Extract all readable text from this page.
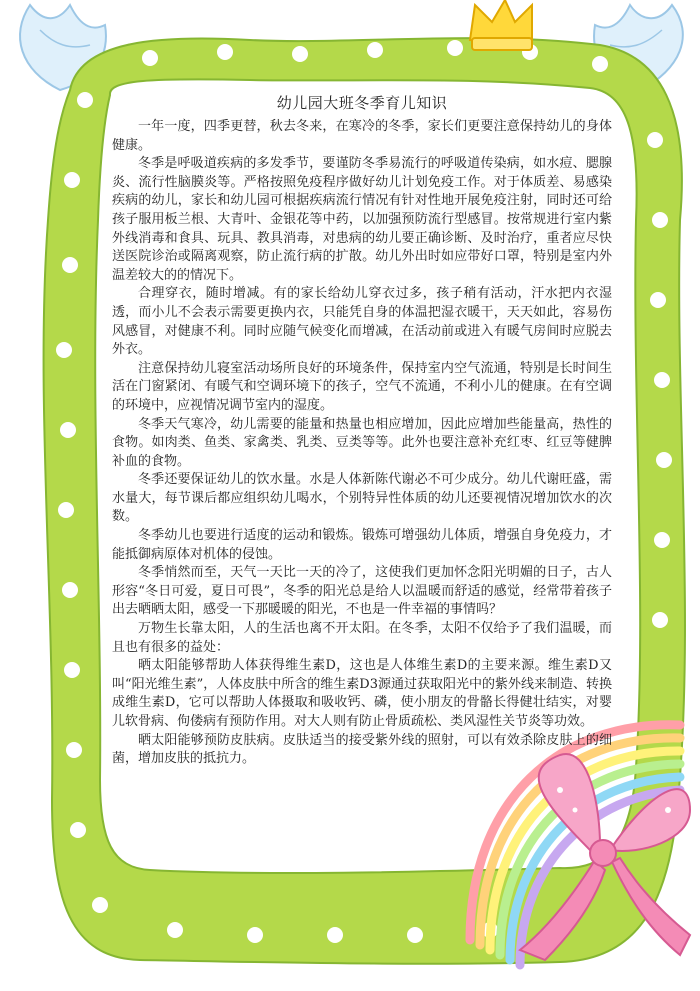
幼儿园大班冬季育儿知识

一年一度，四季更替，秋去冬来，在寒冷的冬季，家长们更要注意保持幼儿的身体健康。

冬季是呼吸道疾病的多发季节，要谨防冬季易流行的呼吸道传染病，如水痘、腮腺炎、流行性脑膜炎等。严格按照免疫程序做好幼儿计划免疫工作。对于体质差、易感染疾病的幼儿，家长和幼儿园可根据疾病流行情况有针对性地开展免疫注射，同时还可给孩子服用板兰根、大青叶、金银花等中药，以加强预防流行型感冒。按常规进行室内紫外线消毒和食具、玩具、教具消毒，对患病的幼儿要正确诊断、及时治疗，重者应尽快送医院诊治或隔离观察，防止流行病的扩散。幼儿外出时如应带好口罩，特别是室内外温差较大的的情况下。

合理穿衣，随时增减。有的家长给幼儿穿衣过多，孩子稍有活动，汗水把内衣湿透，而小儿不会表示需要更换内衣，只能凭自身的体温把湿衣暖干，天天如此，容易伤风感冒，对健康不利。同时应随气候变化而增减，在活动前或进入有暖气房间时应脱去外衣。

注意保持幼儿寝室活动场所良好的环境条件，保持室内空气流通，特别是长时间生活在门窗紧闭、有暖气和空调环境下的孩子，空气不流通，不利小儿的健康。在有空调的环境中，应视情况调节室内的湿度。

冬季天气寒冷，幼儿需要的能量和热量也相应增加，因此应增加些能量高，热性的食物。如肉类、鱼类、家禽类、乳类、豆类等等。此外也要注意补充红枣、红豆等健脾补血的食物。

冬季还要保证幼儿的饮水量。水是人体新陈代谢必不可少成分。幼儿代谢旺盛，需水量大，每节课后都应组织幼儿喝水，个别特异性体质的幼儿还要视情况增加饮水的次数。

冬季幼儿也要进行适度的运动和锻炼。锻炼可增强幼儿体质，增强自身免疫力，才能抵御病原体对机体的侵蚀。

冬季悄然而至，天气一天比一天的冷了，这使我们更加怀念阳光明媚的日子，古人形容“冬日可爱，夏日可畏”，冬季的阳光总是给人以温暖而舒适的感觉，经常带着孩子出去晒晒太阳，感受一下那暖暖的阳光，不也是一件幸福的事情吗？

万物生长靠太阳，人的生活也离不开太阳。在冬季，太阳不仅给予了我们温暖，而且也有很多的益处：

晒太阳能够帮助人体获得维生素D，这也是人体维生素D的主要来源。维生素D又叫“阳光维生素”，人体皮肤中所含的维生素D3源通过获取阳光中的紫外线来制造、转换成维生素D，它可以帮助人体摄取和吸收钙、磷，使小朋友的骨骼长得健壮结实，对婴儿软骨病、佝偻病有预防作用。对大人则有防止骨质疏松、类风湿性关节炎等功效。

晒太阳能够预防皮肤病。皮肤适当的接受紫外线的照射，可以有效杀除皮肤上的细菌，增加皮肤的抵抗力。
